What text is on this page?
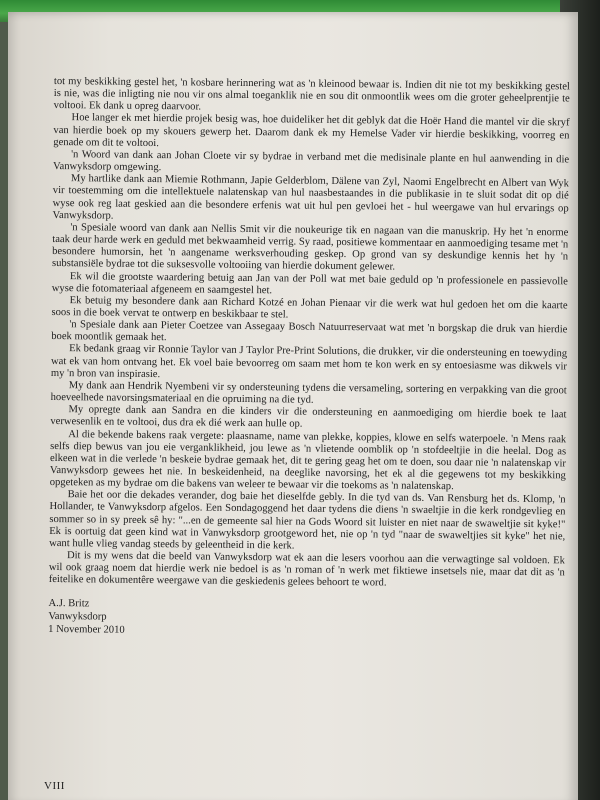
tot my beskikking gestel het, 'n kosbare herinnering wat as 'n kleinood bewaar is. Indien dit nie tot my beskikking gestel is nie, was die inligting nie nou vir ons almal toeganklik nie en sou dit onmoontlik wees om die groter geheelprentjie te voltooi. Ek dank u opreg daarvoor.

Hoe langer ek met hierdie projek besig was, hoe duideliker het dit geblyk dat die Hoër Hand die mantel vir die skryf van hierdie boek op my skouers gewerp het. Daarom dank ek my Hemelse Vader vir hierdie beskikking, voorreg en genade om dit te voltooi.

'n Woord van dank aan Johan Cloete vir sy bydrae in verband met die medisinale plante en hul aanwending in die Vanwyksdorp omgewing.

My hartlike dank aan Miemie Rothmann, Japie Gelderblom, Dälene van Zyl, Naomi Engelbrecht en Albert van Wyk vir toestemming om die intellektuele nalatenskap van hul naasbestaandes in die publikasie in te sluit sodat dit op dié wyse ook reg laat geskied aan die besondere erfenis wat uit hul pen gevloei het - hul weergawe van hul ervarings op Vanwyksdorp.

'n Spesiale woord van dank aan Nellis Smit vir die noukeurige tik en nagaan van die manuskrip. Hy het 'n enorme taak deur harde werk en geduld met bekwaamheid verrig. Sy raad, positiewe kommentaar en aanmoediging tesame met 'n besondere humorsin, het 'n aangename werksverhouding geskep. Op grond van sy deskundige kennis het hy 'n substansiële bydrae tot die suksesvolle voltooiing van hierdie dokument gelewer.

Ek wil die grootste waardering betuig aan Jan van der Poll wat met baie geduld op 'n professionele en passievolle wyse die fotomateriaal afgeneem en saamgestel het.

Ek betuig my besondere dank aan Richard Kotzé en Johan Pienaar vir die werk wat hul gedoen het om die kaarte soos in die boek vervat te ontwerp en beskikbaar te stel.

'n Spesiale dank aan Pieter Coetzee van Assegaay Bosch Natuurreservaat wat met 'n borgskap die druk van hierdie boek moontlik gemaak het.

Ek bedank graag vir Ronnie Taylor van J Taylor Pre-Print Solutions, die drukker, vir die ondersteuning en toewyding wat ek van hom ontvang het. Ek voel baie bevoorreg om saam met hom te kon werk en sy entoesiasme was dikwels vir my 'n bron van inspirasie.

My dank aan Hendrik Nyembeni vir sy ondersteuning tydens die versameling, sortering en verpakking van die groot hoeveelhede navorsingsmateriaal en die opruiming na die tyd.

My opregte dank aan Sandra en die kinders vir die ondersteuning en aanmoediging om hierdie boek te laat verwesenlik en te voltooi, dus dra ek dié werk aan hulle op.

Al die bekende bakens raak vergete: plaasname, name van plekke, koppies, klowe en selfs waterpoele. 'n Mens raak selfs diep bewus van jou eie verganklikheid, jou lewe as 'n vlietende oomblik op 'n stofdeeltjie in die heelal. Dog as elkeen wat in die verlede 'n beskeie bydrae gemaak het, dit te gering geag het om te doen, sou daar nie 'n nalatenskap vir Vanwyksdorp gewees het nie. In beskeidenheid, na deeglike navorsing, het ek al die gegewens tot my beskikking opgeteken as my bydrae om die bakens van weleer te bewaar vir die toekoms as 'n nalatenskap.

Baie het oor die dekades verander, dog baie het dieselfde gebly. In die tyd van ds. Van Rensburg het ds. Klomp, 'n Hollander, te Vanwyksdorp afgelos. Een Sondagoggend het daar tydens die diens 'n swaeltjie in die kerk rondgevlieg en sommer so in sy preek sê hy: "...en de gemeente sal hier na Gods Woord sit luister en niet naar de swaweltjie sit kyke!" Ek is oortuig dat geen kind wat in Vanwyksdorp grootgeword het, nie op 'n tyd "naar de swaweltjies sit kyke" het nie, want hulle vlieg vandag steeds by geleentheid in die kerk.

Dit is my wens dat die beeld van Vanwyksdorp wat ek aan die lesers voorhou aan die verwagtinge sal voldoen. Ek wil ook graag noem dat hierdie werk nie bedoel is as 'n roman of 'n werk met fiktiewe insetsels nie, maar dat dit as 'n feitelike en dokumentêre weergawe van die geskiedenis gelees behoort te word.

A.J. Britz
Vanwyksdorp
1 November 2010
VIII
